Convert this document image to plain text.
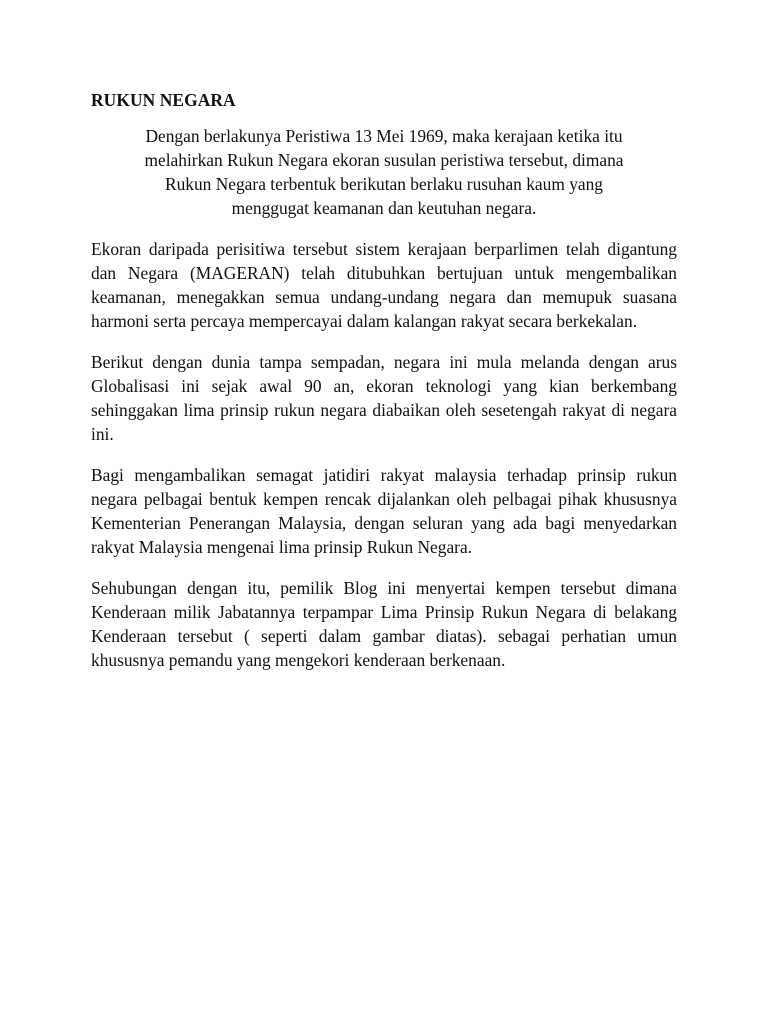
RUKUN NEGARA

Dengan berlakunya Peristiwa 13 Mei 1969, maka kerajaan ketika itu
melahirkan Rukun Negara ekoran susulan peristiwa tersebut, dimana
Rukun Negara terbentuk berikutan berlaku rusuhan kaum yang
menggugat keamanan dan keutuhan negara.

Ekoran daripada perisitiwa tersebut sistem kerajaan berparlimen telah digantung dan Negara (MAGERAN) telah ditubuhkan bertujuan untuk mengembalikan keamanan, menegakkan semua undang-undang negara dan memupuk suasana harmoni serta percaya mempercayai dalam kalangan rakyat secara berkekalan.

Berikut dengan dunia tampa sempadan, negara ini mula melanda dengan arus Globalisasi ini sejak awal 90 an, ekoran teknologi yang kian berkembang sehinggakan lima prinsip rukun negara diabaikan oleh sesetengah rakyat di negara ini.

Bagi mengambalikan semagat jatidiri rakyat malaysia terhadap prinsip rukun negara pelbagai bentuk kempen rencak dijalankan oleh pelbagai pihak khususnya Kementerian Penerangan Malaysia, dengan seluran yang ada bagi menyedarkan rakyat Malaysia mengenai lima prinsip Rukun Negara.

Sehubungan dengan itu, pemilik Blog ini menyertai kempen tersebut dimana Kenderaan milik Jabatannya terpampar Lima Prinsip Rukun Negara di belakang Kenderaan tersebut ( seperti dalam gambar diatas). sebagai perhatian umun khususnya pemandu yang mengekori kenderaan berkenaan.
